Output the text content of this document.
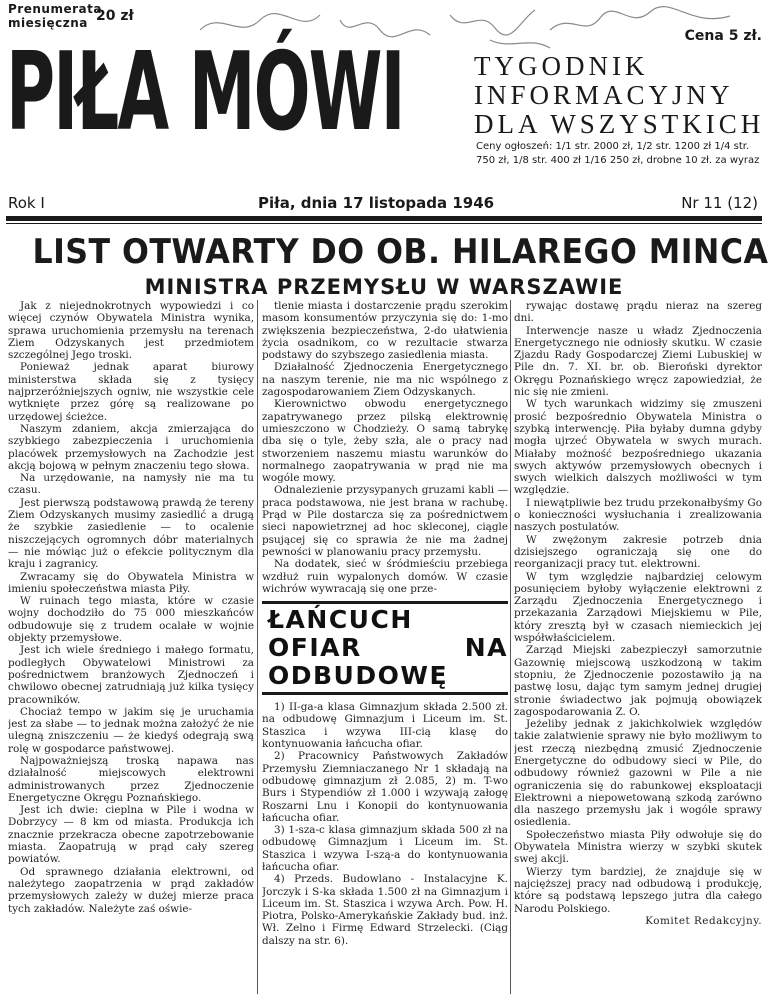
Prenumerata
miesięczna 20 zł
PIŁA MÓWI	Cena 5 zł.
TYGODNIK
INFORMACYJNY
DLA WSZYSTKICH
Ceny ogłoszeń: 1/1 str. 2000 zł, 1/2 str. 1200 zł 1/4 str. 750 zł, 1/8 str. 400 zł 1/16 250 zł, drobne 10 zł. za wyraz
Rok I	Piła, dnia 17 listopada 1946	Nr 11 (12)
LIST OTWARTY DO OB. HILAREGO MINCA
MINISTRA PRZEMYSŁU W WARSZAWIE

Jak z niejednokrotnych wypowiedzi i co więcej czynów Obywatela Ministra wynika, sprawa uruchomienia przemysłu na terenach Ziem Odzyskanych jest przedmiotem szczególnej Jego troski.

Ponieważ jednak aparat biurowy ministerstwa składa się z tysięcy najprzeróżniejszych ogniw, nie wszystkie cele wytknięte przez górę są realizowane po urzędowej ścieżce.

Naszym zdaniem, akcja zmierzająca do szybkiego zabezpieczenia i uruchomienia placówek przemysłowych na Zachodzie jest akcją bojową w pełnym znaczeniu tego słowa.

Na urzędowanie, na namysły nie ma tu czasu.

Jest pierwszą podstawową prawdą że tereny Ziem Odzyskanych musimy zasiedlić a drugą że szybkie zasiedlenie — to ocalenie niszczejących ogromnych dóbr materialnych — nie mówiąc już o efekcie politycznym dla kraju i zagranicy.

Zwracamy się do Obywatela Ministra w imieniu społeczeństwa miasta Piły.

W ruinach tego miasta, które w czasie wojny dochodziło do 75 000 mieszkańców odbudowuje się z trudem ocalałe w wojnie objekty przemysłowe.

Jest ich wiele średniego i małego formatu, podległych Obywatelowi Ministrowi za pośrednictwem branżowych Zjednoczeń i chwilowo obecnej zatrudniają już kilka tysięcy pracowników.

Chociaż tempo w jakim się je uruchamia jest za słabe — to jednak można założyć że nie ulegną zniszczeniu — że kiedyś odegrają swą rolę w gospodarce państwowej.

Najpoważniejszą troską napawa nas działalność miejscowych elektrowni administrowanych przez Zjednoczenie Energetyczne Okręgu Poznańskiego.

Jest ich dwie: cieplna w Pile i wodna w Dobrzycy — 8 km od miasta. Produkcja ich znacznie przekracza obecne zapotrzebowanie miasta. Zaopatrują w prąd cały szereg powiatów.

Od sprawnego działania elektrowni, od należytego zaopatrzenia w prąd zakładów przemysłowych zależy w dużej mierze praca tych zakładów. Należyte zaś oświe-

tlenie miasta i dostarczenie prądu szerokim masom konsumentów przyczynia się do: 1-mo zwiększenia bezpieczeństwa, 2-do ułatwienia życia osadnikom, co w rezultacie stwarza podstawy do szybszego zasiedlenia miasta.

Działalność Zjednoczenia Energetycznego na naszym terenie, nie ma nic wspólnego z zagospodarowaniem Ziem Odzyskanych.

Kierownictwo obwodu energetycznego zapatrywanego przez pilską elektrownię umieszczono w Chodzieży. O samą tabrykę dba się o tyle, żeby szła, ale o pracy nad stworzeniem naszemu miastu warunków do normalnego zaopatrywania w prąd nie ma wogóle mowy.

Odnalezienie przysypanych gruzami kabli — praca podstawowa, nie jest brana w rachubę. Prąd w Pile dostarcza się za pośrednictwem sieci napowietrznej ad hoc skleconej, ciągle psującej się co sprawia że nie ma żadnej pewności w planowaniu pracy przemysłu.

Na dodatek, sieć w śródmieściu przebiega wzdłuż ruin wypalonych domów. W czasie wichrów wywracają się one prze-

ŁAŃCUCH OFIAR NA ODBUDOWĘ

1) II-ga-a klasa Gimnazjum składa 2.500 zł. na odbudowę Gimnazjum i Liceum im. St. Staszica i wzywa III-cią klasę do kontynuowania łańcucha ofiar.

2) Pracownicy Państwowych Zakładów Przemysłu Ziemniaczanego Nr 1 składają na odbudowę gimnazjum zł 2.085, 2) m. T-wo Burs i Stypendiów zł 1.000 i wzywają załogę Roszarni Lnu i Konopii do kontynuowania łańcucha ofiar.

3) 1-sza-c klasa gimnazjum składa 500 zł na odbudowę Gimnazjum i Liceum im. St. Staszica i wzywa I-szą-a do kontynuowania łańcucha ofiar.

4) Przeds. Budowlano - Instalacyjne K. Jorczyk i S-ka składa 1.500 zł na Gimnazjum i Liceum im. St. Staszica i wzywa Arch. Pow. H. Piotra, Polsko-Amerykańskie Zakłady bud. inż. Wł. Zelno i Firmę Edward Strzelecki. (Ciąg dalszy na str. 6).

rywając dostawę prądu nieraz na szereg dni.

Interwencje nasze u władz Zjednoczenia Energetycznego nie odniosły skutku. W czasie Zjazdu Rady Gospodarczej Ziemi Lubuskiej w Pile dn. 7. XI. br. ob. Bieroński dyrektor Okręgu Poznańskiego wręcz zapowiedział, że nic się nie zmieni.

W tych warunkach widzimy się zmuszeni prosić bezpośrednio Obywatela Ministra o szybką interwencję. Piła byłaby dumna gdyby mogła ujrzeć Obywatela w swych murach. Miałaby możność bezpośredniego ukazania swych aktywów przemysłowych obecnych i swych wielkich dalszych możliwości w tym względzie.

I niewątpliwie bez trudu przekonałbyśmy Go o konieczności wysłuchania i zrealizowania naszych postulatów.

W zwężonym zakresie potrzeb dnia dzisiejszego ograniczają się one do reorganizacji pracy tut. elektrowni.

W tym względzie najbardziej celowym posunięciem byłoby wyłączenie elektrowni z Zarządu Zjednoczenia Energetycznego i przekazania Zarządowi Miejskiemu w Pile, który zresztą był w czasach niemieckich jej współwłaścicielem.

Zarząd Miejski zabezpieczył samorzutnie Gazownię miejscową uszkodzoną w takim stopniu, że Zjednoczenie pozostawiło ją na pastwę losu, dając tym samym jednej drugiej stronie świadectwo jak pojmują obowiązek zagospodarowania Z. O.

Jeżeliby jednak z jakichkolwiek względów takie zalatwienie sprawy nie było możliwym to jest rzeczą niezbędną zmusić Zjednoczenie Energetyczne do odbudowy sieci w Pile, do odbudowy również gazowni w Pile a nie ograniczenia się do rabunkowej eksploatacji Elektrowni a niepowetowaną szkodą zarówno dla naszego przemysłu jak i wogóle sprawy osiedlenia.

Społeczeństwo miasta Piły odwołuje się do Obywatela Ministra wierzy w szybki skutek swej akcji.

Wierzy tym bardziej, że znajduje się w najcięższej pracy nad odbudową i produkcję, które są podstawą lepszego jutra dla całego Narodu Polskiego.

Komitet Redakcyjny.
